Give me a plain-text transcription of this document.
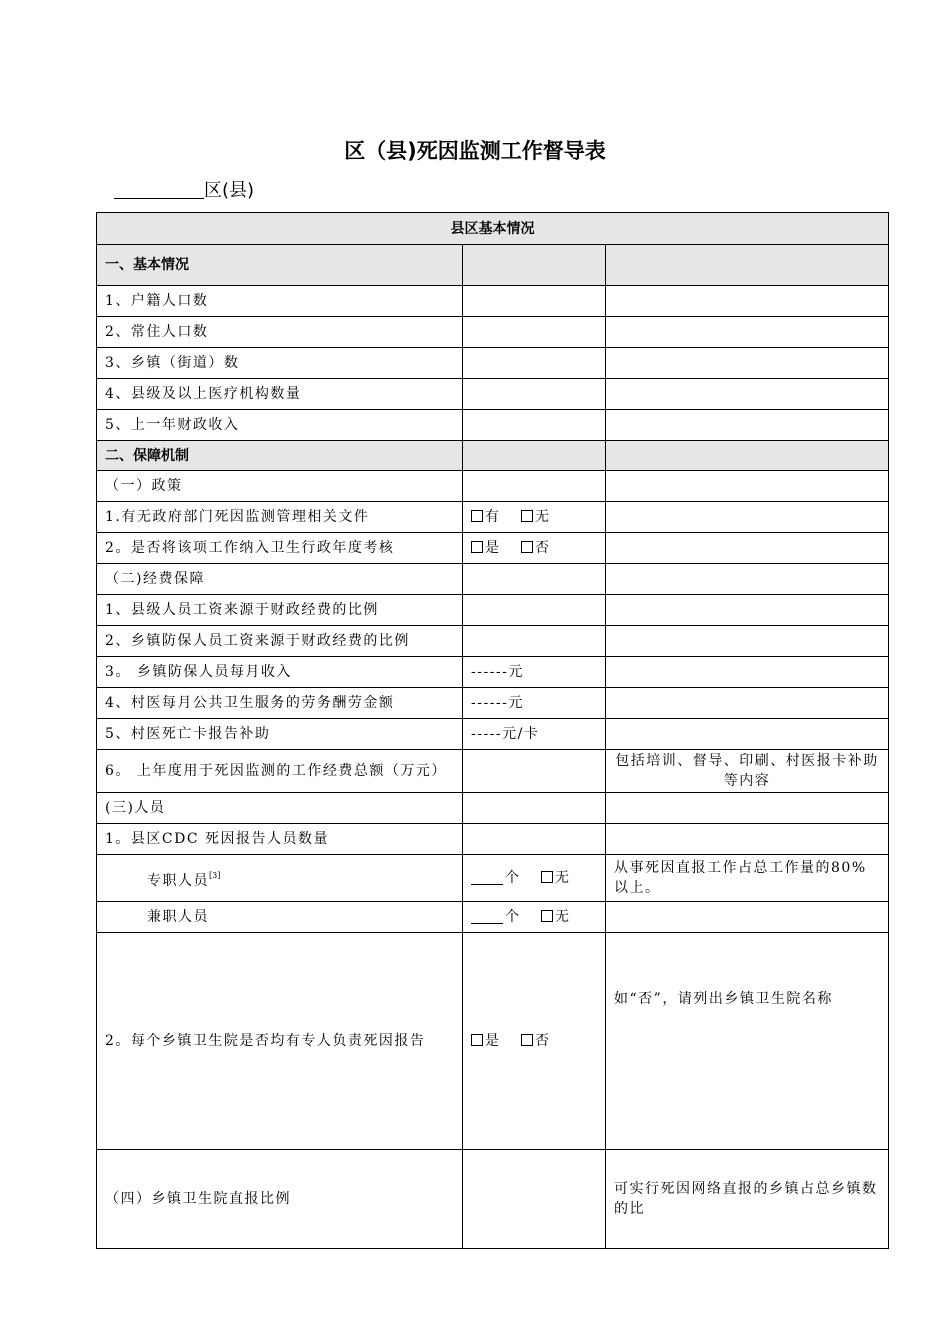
区（县)死因监测工作督导表
区(县)
县区基本情况		
一、基本情况		
1、户籍人口数		
2、常住人口数		
3、乡镇（街道）数		
4、县级及以上医疗机构数量		
5、上一年财政收入		
二、保障机制		
（一）政策		
1.有无政府部门死因监测管理相关文件	有 无	
2。是否将该项工作纳入卫生行政年度考核	是 否	
（二)经费保障		
1、县级人员工资来源于财政经费的比例		
2、乡镇防保人员工资来源于财政经费的比例		
3。 乡镇防保人员每月收入	------元	
4、村医每月公共卫生服务的劳务酬劳金额	------元	
5、村医死亡卡报告补助	-----元/卡	
6。 上年度用于死因监测的工作经费总额（万元）		包括培训、督导、印刷、村医报卡补助等内容
(三)人员		
1。县区CDC 死因报告人员数量		
专职人员[3]	个 无	从事死因直报工作占总工作量的80%以上。
兼职人员	个 无	
2。每个乡镇卫生院是否均有专人负责死因报告	是 否	如“否”，请列出乡镇卫生院名称
（四）乡镇卫生院直报比例		可实行死因网络直报的乡镇占总乡镇数的比
